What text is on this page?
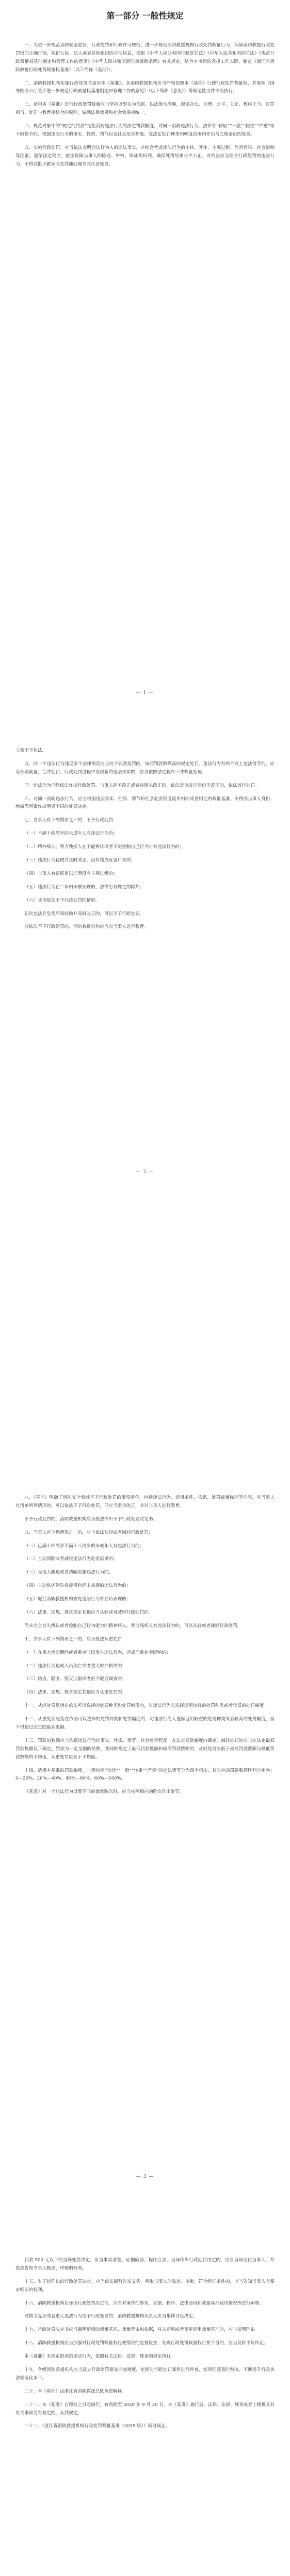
第一部分 一般性规定

一、为进一步规范消防安全监管，行政处罚和行政许可规范，进一步规范消防救援机构行政处罚裁量行为，保障消防救援行政处罚权的正确行使，保护公民、法人或者其他组织的合法权益，根据《中华人民共和国行政处罚法》《中华人民共和国消防法》《规范行政裁量权基准制定和管理工作的意见》《中华人民共和国消防救援衔条例》有关规定，结合本市消防救援工作实际，制定《浙江省消防救援行政处罚裁量权基准》（以下简称《基准》）。

二、消防救援机构实施行政处罚时适用本《基准》。各消防救援机构应当严格依照本《基准》行使行政处罚裁量权，并参照《国务院办公厅关于进一步规范行政裁量权基准制定和管理工作的意见》（以下简称《意见》）等规范性文件予以执行。

三、适用本《基准》进行行政处罚裁量应当坚持以事实为依据、以法律为准绳，遵循合法、合理、公平、公正、程序正当、过罚相当、处罚与教育相结合的原则，做到法律效果和社会效果相统一。

四、规范对象中的“规定的罚款”是指消防违法行为的法定罚款幅度。对同一消防违法行为，法律有“较轻”“一般”“较重”“严重”等不同情节的，根据违法行为的事实、性质、情节以及社会危害程度，在法定处罚种类和幅度范围内作出与之相适应的处罚。

五、实施行政处罚，应当依法查明违法行为人的违法事实，并综合考虑违法行为的主体、客体、主观过错、危害后果、社会影响等因素，遵循法定程序，依法保障当事人的陈述、申辩、听证等权利，确保处罚结果公平公正。对依法应当给予行政处罚的违法行为，不得以批评教育或者其他处理方式代替处罚。

— 1 —

立案不予执法。

五、同一个违法行为违反多个法律规范应当给予罚款处罚的，按照罚款数额高的规定处罚。违法行为有两个以上违法情节的，应当分别裁量，合并处罚。行政处罚过程中发现新的违法事实的，应当依照法定程序一并裁量处理。

同一违法行为已经依法作出行政处罚，当事人拒不改正或者逾期未改正的，依法责令改正后仍不改正的，依法另行处罚。

六、对同一消防违法行为，应当根据违法事实、性质、情节和社会危害程度适用相同或者相近的裁量基准，不得因当事人身份、地域等因素作出明显不同的处罚决定。

七、当事人有下列情形之一的，不予行政处罚：

（一）不满十四周岁的未成年人有违法行为的；

（二）精神病人、智力残疾人在不能辨认或者不能控制自己行为时有违法行为的；

（三）违法行为轻微并及时改正，没有造成危害后果的；

（四）当事人有证据足以证明没有主观过错的；

（五）违法行为在二年内未被发现的，法律另有规定的除外；

（六）其他依法不予行政处罚的情形。

初次违法且危害后果轻微并及时改正的，可以不予行政处罚。

对依法不予行政处罚的，消防救援机构应当对当事人进行教育。

— 2 —

八、《基准》明确了消防安全领域不予行政处罚的事项清单，包括违法行为、适用条件、依据、处罚裁量标准等内容，对当事人有清单所列情形的，可以依法不予行政处罚，但应当责令改正，并对当事人进行教育。

不予行政处罚的，消防救援机构应当依法作出不予行政处罚决定书。

九、当事人有下列情形之一的，应当依法从轻或者减轻行政处罚：

（一）已满十四周岁不满十八周岁的未成年人有违法行为的；

（二）主动消除或者减轻违法行为危害后果的；

（三）受他人胁迫或者诱骗实施违法行为的；

（四）主动供述消防救援机构尚未掌握的违法行为的；

（五）配合消防救援机构查处违法行为有立功表现的；

（六）法律、法规、规章规定其他应当从轻或者减轻行政处罚的。

尚未完全丧失辨认或者控制自己行为能力的精神病人、智力残疾人有违法行为的，可以从轻或者减轻行政处罚。

十、当事人有下列情形之一的，应当依法从重处罚：

（一）在重大活动期间或者重点时段发生违法行为，造成严重社会影响的；

（二）违法行为造成人员伤亡或者重大财产损失的；

（三）伪造、隐匿、毁灭证据或者拒不配合调查的；

（四）法律、法规、规章规定其他应当从重处罚的。

十一、从轻处罚是指在依法可以选择的处罚种类和处罚幅度内，对违法行为人选择适用较轻的处罚种类或者较低的处罚幅度。

十二、从重处罚是指在依法可以选择的处罚种类和处罚幅度内，对违法行为人选择适用较重的处罚种类或者较高的处罚幅度，但不得超过法定的最高限额。

十三、罚款的数额应当依据违法行为的事实、性质、情节、社会危害程度，在法定罚款幅度内确定，减轻处罚的应当在法定最低罚款数额以下确定。罚款为一定金额的倍数，并同时规定了最低罚款数额和最高罚款数额的，从轻处罚应低于最高罚款数额与最低罚款数额的平均值，从重处罚应高于平均值。

十四、适用本基准的罚款幅度，一般按照“较轻”“一般”“较重”“严重”的违法情节分为四个档次，其对应的罚款数额区间分别为：0—20%、20%—40%、40%—60%、60%—100%。

《基准》对一个违法行为设置不同的裁量阶次时，应当按照相应的阶次作出处罚。

— 3 —

罚款 500 元以下的当场处罚决定，应当事实清楚、证据确凿、程序合法，当场作出行政处罚决定的，应当当场交付当事人，并依法告知当事人陈述、申辩的权利。

十五、对于拟作出的行政处罚决定，应当依法履行告知义务，听取当事人的陈述、申辩，符合听证条件的，应当告知当事人有要求听证的权利。

十六、消防救援机构在作出行政处罚决定前，应当对案件的事实、证据、程序、法律适用和裁量基准适用情况等进行审核。

对情节复杂或者重大违法行为给予行政处罚的，消防救援机构负责人应当集体讨论决定。

十七、行政处罚决定书应当载明适用的裁量基准、裁量理由和依据，对未适用或者变更适用裁量基准的，应当说明理由。

十八、消防救援机构应当加强对行政处罚裁量权行使情况的监督检查，发现行政处罚裁量权行使不当的，应当及时予以纠正。

本《基准》未规定的消防违法行为，依照有关法律、法规、规章的规定执行。

十九、各级消防救援机构应当建立行政处罚案卷评查制度，定期对行政处罚案件进行评查，发现问题及时整改，不断提升行政执法规范化水平。

二十、本《基准》由浙江省消防救援总队负责解释。

二十一、本《基准》自印发之日起施行，有效期至 2029 年 9 月 30 日。本《基准》施行后，法律、法规、规章或者上级机关对有关事项另有规定的，从其规定。

二十二、《浙江省消防救援机构行政处罚裁量基准（2019 版）》同时废止。
